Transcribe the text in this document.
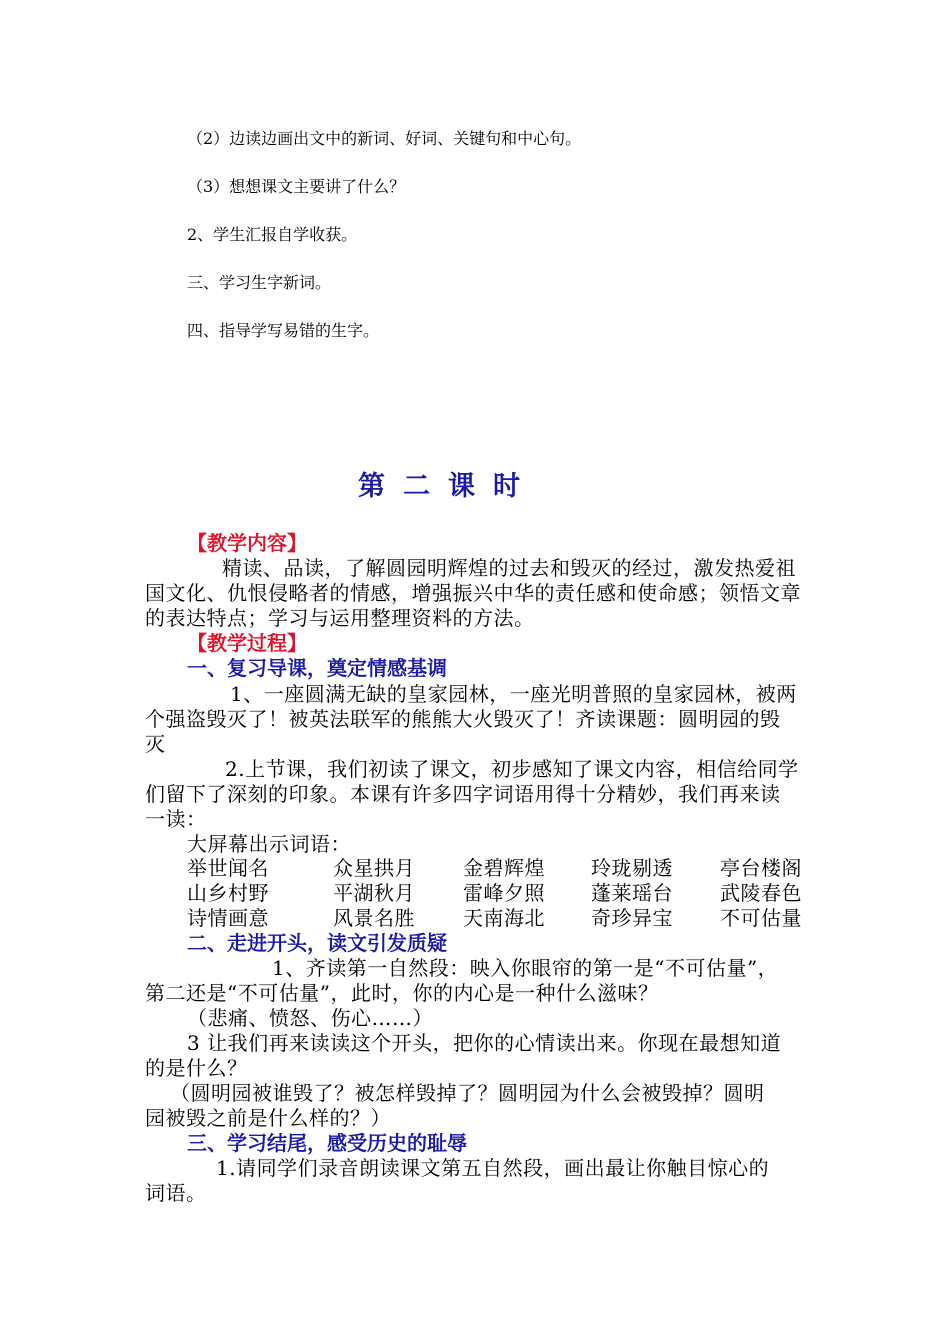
（2）边读边画出文中的新词、好词、关键句和中心句。
（3）想想课文主要讲了什么？
2、学生汇报自学收获。
三、学习生字新词。
四、指导学写易错的生字。
第二课时
【教学内容】
精读、品读，了解圆园明辉煌的过去和毁灭的经过，激发热爱祖
国文化、仇恨侵略者的情感，增强振兴中华的责任感和使命感；领悟文章
的表达特点；学习与运用整理资料的方法。
【教学过程】
一、复习导课，奠定情感基调
1、一座圆满无缺的皇家园林，一座光明普照的皇家园林，被两
个强盗毁灭了！被英法联军的熊熊大火毁灭了！齐读课题：圆明园的毁
灭
2.上节课，我们初读了课文，初步感知了课文内容，相信给同学
们留下了深刻的印象。本课有许多四字词语用得十分精妙，我们再来读
一读：
大屏幕出示词语：
举世闻名	众星拱月 金碧辉煌 玲珑剔透 亭台楼阁
山乡村野	平湖秋月 雷峰夕照 蓬莱瑶台 武陵春色
诗情画意	风景名胜 天南海北 奇珍异宝 不可估量
二、走进开头，读文引发质疑
1、齐读第一自然段：映入你眼帘的第一是“不可估量”，
第二还是“不可估量”，此时，你的内心是一种什么滋味？
（悲痛、愤怒、伤心……）
3 让我们再来读读这个开头，把你的心情读出来。你现在最想知道
的是什么？
（圆明园被谁毁了？被怎样毁掉了？圆明园为什么会被毁掉？圆明
园被毁之前是什么样的？）
三、学习结尾，感受历史的耻辱
1.请同学们录音朗读课文第五自然段，画出最让你触目惊心的
词语。
